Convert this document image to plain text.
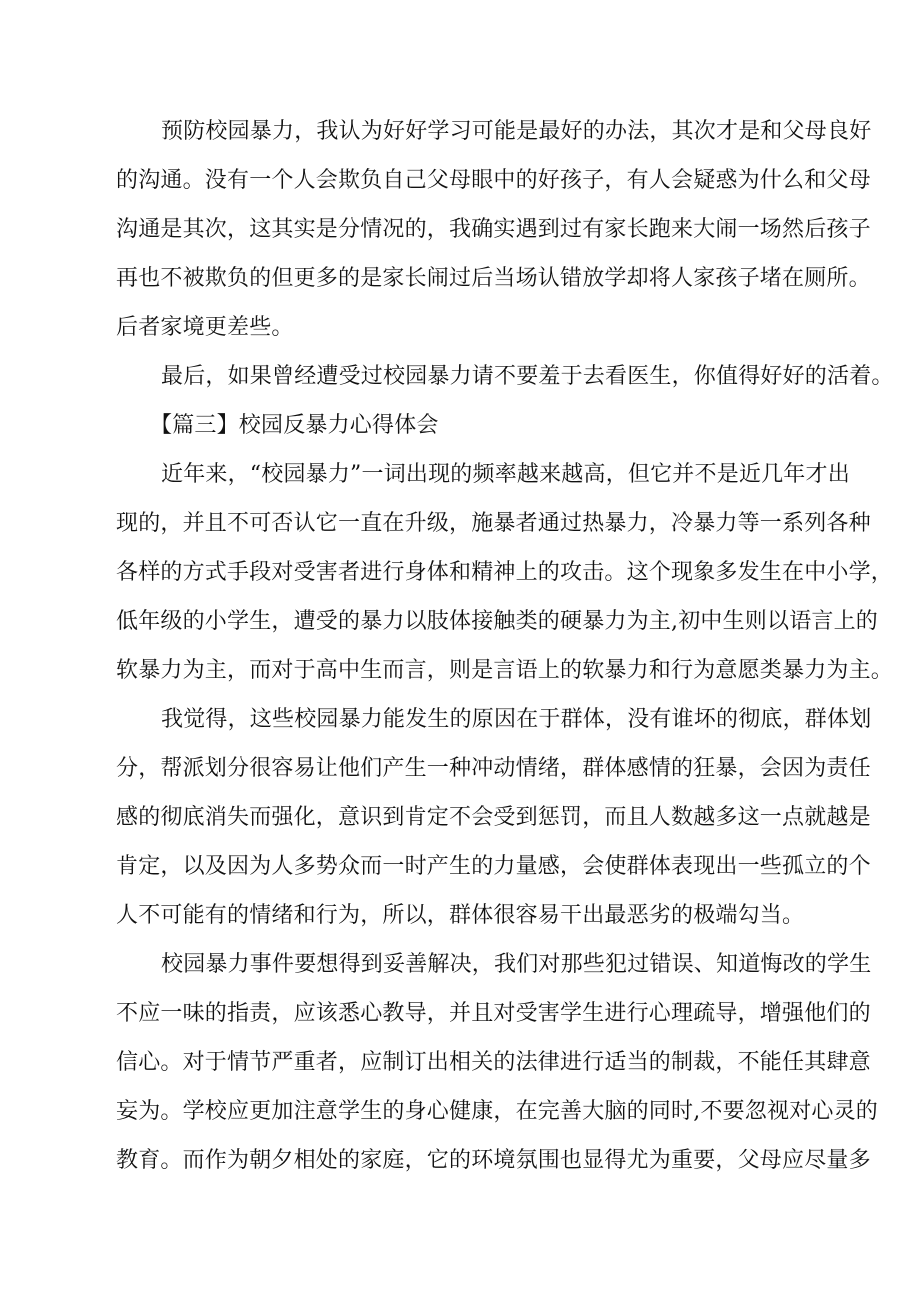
预防校园暴力，我认为好好学习可能是最好的办法，其次才是和父母良好
的沟通。没有一个人会欺负自己父母眼中的好孩子，有人会疑惑为什么和父母
沟通是其次，这其实是分情况的，我确实遇到过有家长跑来大闹一场然后孩子
再也不被欺负的但更多的是家长闹过后当场认错放学却将人家孩子堵在厕所。
后者家境更差些。
最后，如果曾经遭受过校园暴力请不要羞于去看医生，你值得好好的活着。
【篇三】校园反暴力心得体会
近年来，“校园暴力”一词出现的频率越来越高，但它并不是近几年才出
现的，并且不可否认它一直在升级，施暴者通过热暴力，冷暴力等一系列各种
各样的方式手段对受害者进行身体和精神上的攻击。这个现象多发生在中小学，
低年级的小学生，遭受的暴力以肢体接触类的硬暴力为主,初中生则以语言上的
软暴力为主，而对于高中生而言，则是言语上的软暴力和行为意愿类暴力为主。
我觉得，这些校园暴力能发生的原因在于群体，没有谁坏的彻底，群体划
分，帮派划分很容易让他们产生一种冲动情绪，群体感情的狂暴，会因为责任
感的彻底消失而强化，意识到肯定不会受到惩罚，而且人数越多这一点就越是
肯定，以及因为人多势众而一时产生的力量感，会使群体表现出一些孤立的个
人不可能有的情绪和行为，所以，群体很容易干出最恶劣的极端勾当。
校园暴力事件要想得到妥善解决，我们对那些犯过错误、知道悔改的学生
不应一味的指责，应该悉心教导，并且对受害学生进行心理疏导，增强他们的
信心。对于情节严重者，应制订出相关的法律进行适当的制裁，不能任其肆意
妄为。学校应更加注意学生的身心健康，在完善大脑的同时,不要忽视对心灵的
教育。而作为朝夕相处的家庭，它的环境氛围也显得尤为重要，父母应尽量多
